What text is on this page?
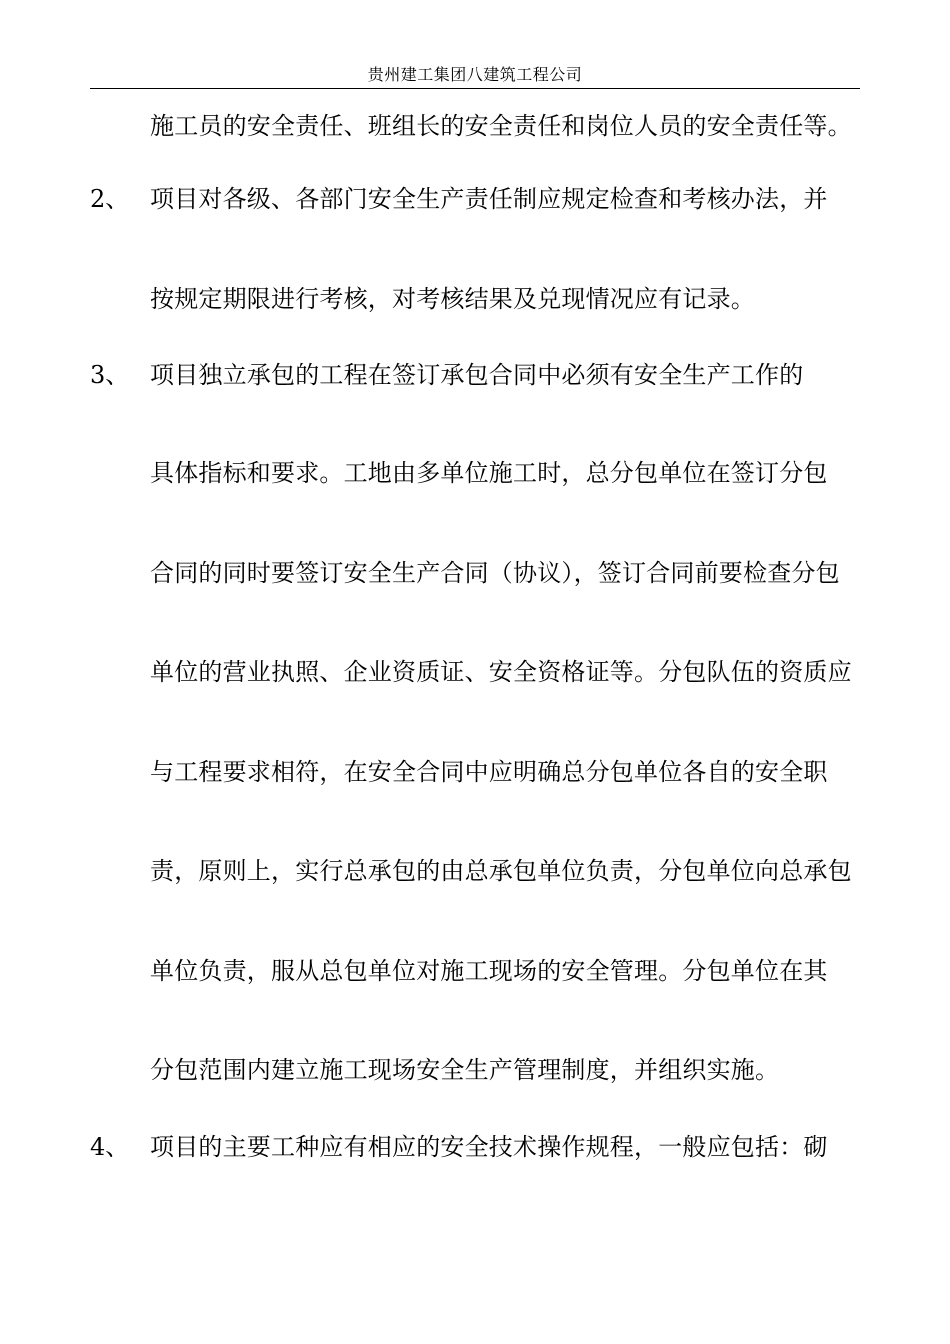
贵州建工集团八建筑工程公司
施工员的安全责任、班组长的安全责任和岗位人员的安全责任等。
2、 项目对各级、各部门安全生产责任制应规定检查和考核办法，并
按规定期限进行考核，对考核结果及兑现情况应有记录。
3、 项目独立承包的工程在签订承包合同中必须有安全生产工作的
具体指标和要求。工地由多单位施工时，总分包单位在签订分包
合同的同时要签订安全生产合同（协议），签订合同前要检查分包
单位的营业执照、企业资质证、安全资格证等。分包队伍的资质应
与工程要求相符，在安全合同中应明确总分包单位各自的安全职
责，原则上，实行总承包的由总承包单位负责，分包单位向总承包
单位负责，服从总包单位对施工现场的安全管理。分包单位在其
分包范围内建立施工现场安全生产管理制度，并组织实施。
4、 项目的主要工种应有相应的安全技术操作规程，一般应包括：砌
